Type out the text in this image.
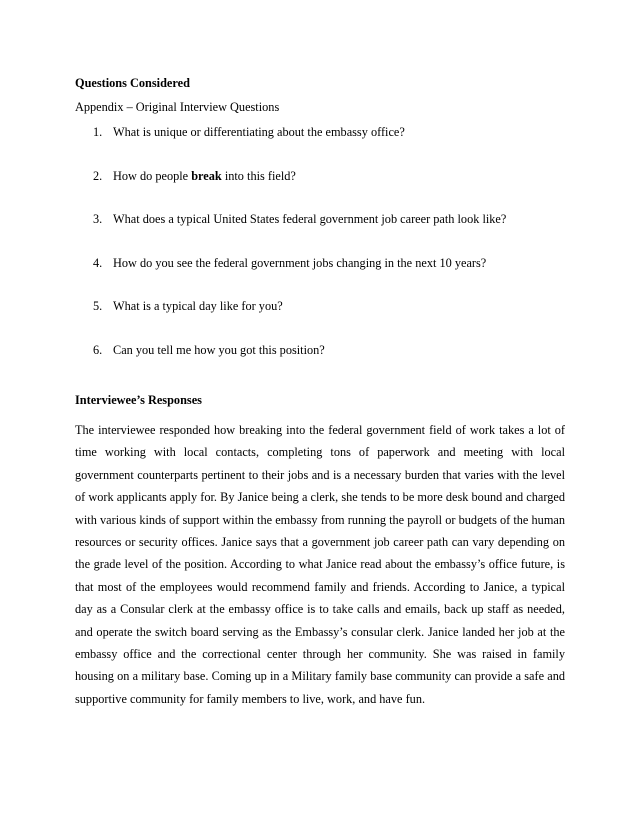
Questions Considered

Appendix – Original Interview Questions

1. What is unique or differentiating about the embassy office?
2. How do people break into this field?
3. What does a typical United States federal government job career path look like?
4. How do you see the federal government jobs changing in the next 10 years?
5. What is a typical day like for you?
6. Can you tell me how you got this position?
Interviewee’s Responses

The interviewee responded how breaking into the federal government field of work takes a lot of time working with local contacts, completing tons of paperwork and meeting with local government counterparts pertinent to their jobs and is a necessary burden that varies with the level of work applicants apply for. By Janice being a clerk, she tends to be more desk bound and charged with various kinds of support within the embassy from running the payroll or budgets of the human resources or security offices. Janice says that a government job career path can vary depending on the grade level of the position. According to what Janice read about the embassy’s office future, is that most of the employees would recommend family and friends. According to Janice, a typical day as a Consular clerk at the embassy office is to take calls and emails, back up staff as needed, and operate the switch board serving as the Embassy’s consular clerk. Janice landed her job at the embassy office and the correctional center through her community. She was raised in family housing on a military base. Coming up in a Military family base community can provide a safe and supportive community for family members to live, work, and have fun.
